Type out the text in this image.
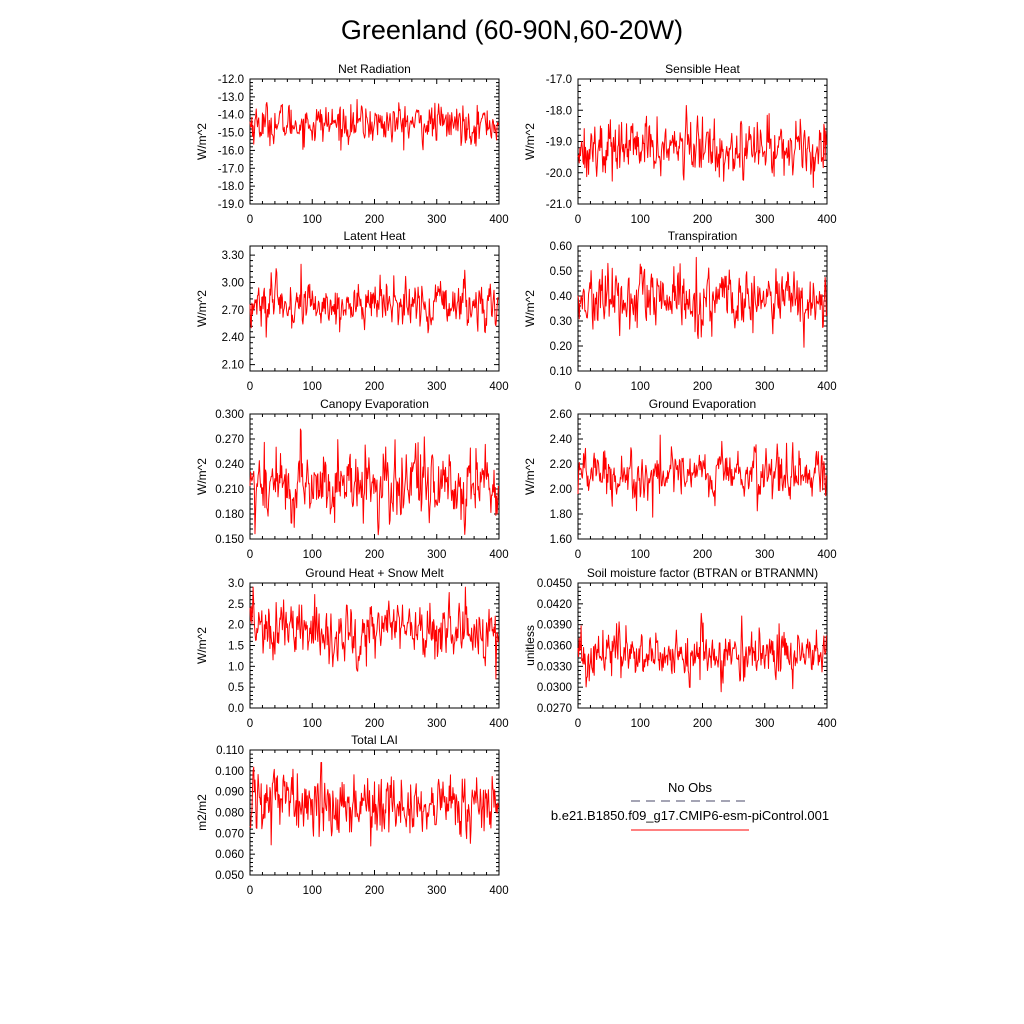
Greenland (60-90N,60-20W)
No Obs
b.e21.B1850.f09_g17.CMIP6-esm-piControl.001
Net Radiation
W/m^2
0	100	200	300	400
-12.0
-13.0
-14.0
-15.0
-16.0
-17.0
-18.0
-19.0
Sensible Heat
W/m^2
0	100	200	300	400
-17.0
-18.0
-19.0
-20.0
-21.0
Latent Heat
W/m^2
0	100	200	300	400
3.30
3.00
2.70
2.40
2.10
Transpiration
W/m^2
0	100	200	300	400
0.60
0.50
0.40
0.30
0.20
0.10
Canopy Evaporation
W/m^2
0	100	200	300	400
0.300
0.270
0.240
0.210
0.180
0.150
Ground Evaporation
W/m^2
0	100	200	300	400
2.60
2.40
2.20
2.00
1.80
1.60
Ground Heat + Snow Melt
W/m^2
0	100	200	300	400
3.0
2.5
2.0
1.5
1.0
0.5
0.0
Soil moisture factor (BTRAN or BTRANMN)
unitless
0	100	200	300	400
0.0450
0.0420
0.0390
0.0360
0.0330
0.0300
0.0270
Total LAI
m2/m2
0	100	200	300	400
0.110
0.100
0.090
0.080
0.070
0.060
0.050
